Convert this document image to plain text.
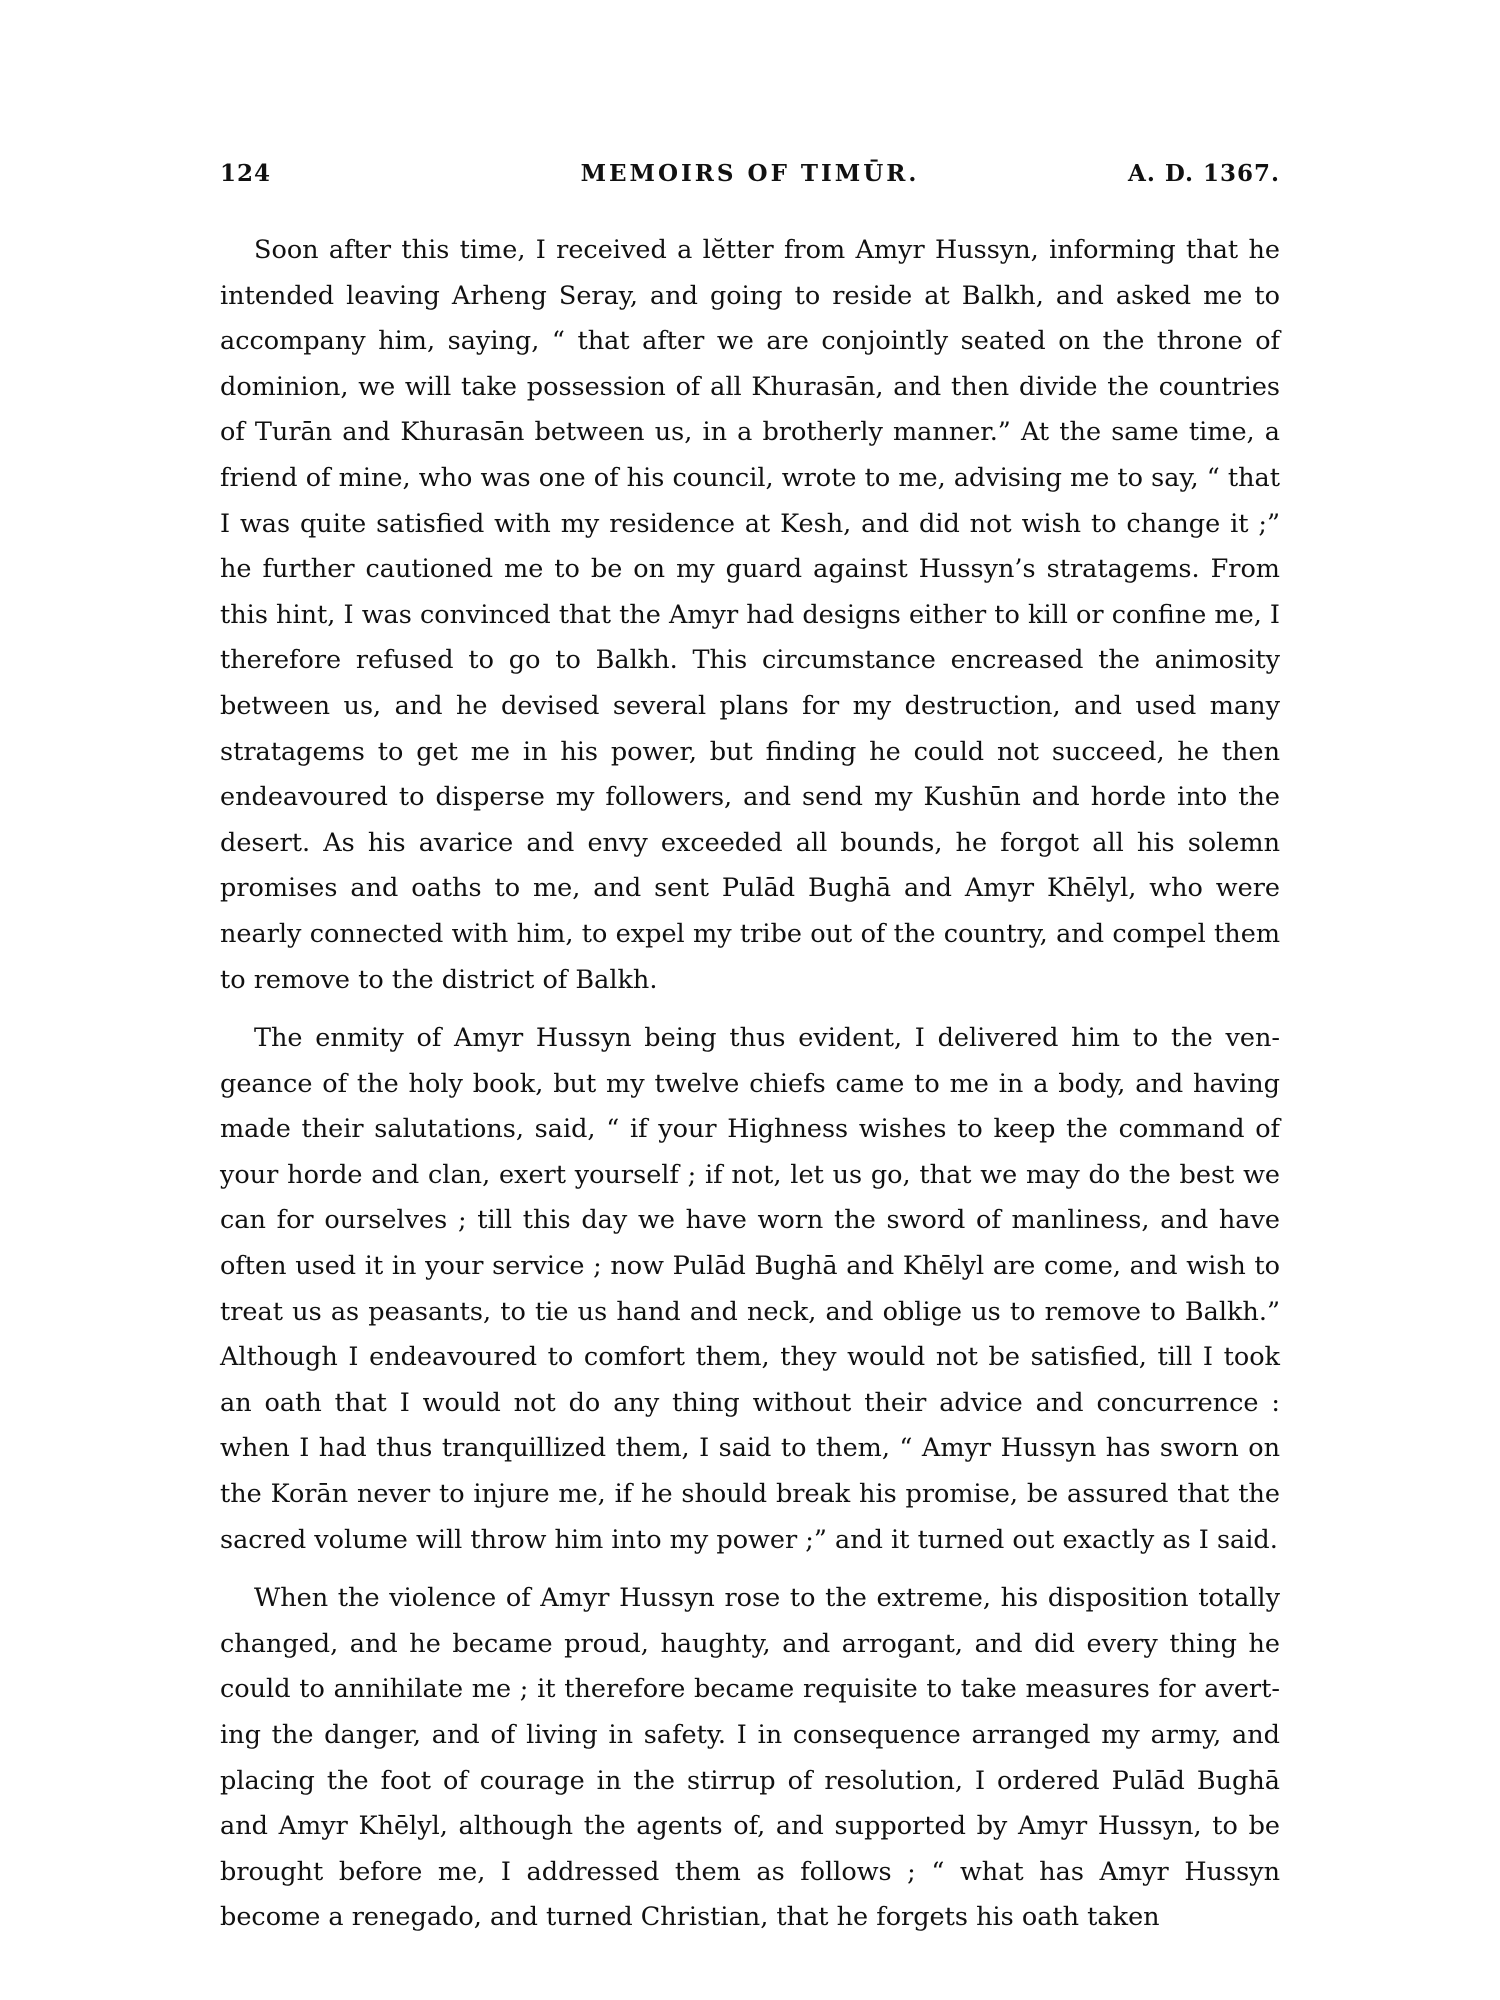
124	MEMOIRS OF TIMŪR.	A. D. 1367.

Soon after this time, I received a lĕtter from Amyr Hussyn, informing that he intended leaving Arheng Seray, and going to reside at Balkh, and asked me to accompany him, saying, “ that after we are conjointly seated on the throne of dominion, we will take possession of all Khurasān, and then divide the countries of Turān and Khurasān between us, in a brotherly manner.” At the same time, a friend of mine, who was one of his council, wrote to me, advising me to say, “ that I was quite satisfied with my residence at Kesh, and did not wish to change it ;” he further cautioned me to be on my guard against Hussyn’s stratagems. From this hint, I was convinced that the Amyr had designs either to kill or confine me, I therefore refused to go to Balkh. This circumstance encreased the animosity between us, and he devised several plans for my destruction, and used many stratagems to get me in his power, but finding he could not succeed, he then endeavoured to disperse my followers, and send my Kushūn and horde into the desert. As his avarice and envy exceeded all bounds, he forgot all his solemn promises and oaths to me, and sent Pulād Bughā and Amyr Khēlyl, who were nearly connected with him, to expel my tribe out of the country, and compel them to remove to the district of Balkh.

The enmity of Amyr Hussyn being thus evident, I delivered him to the vengeance of the holy book, but my twelve chiefs came to me in a body, and having made their salutations, said, “ if your Highness wishes to keep the command of your horde and clan, exert yourself ; if not, let us go, that we may do the best we can for ourselves ; till this day we have worn the sword of manliness, and have often used it in your service ; now Pulād Bughā and Khēlyl are come, and wish to treat us as peasants, to tie us hand and neck, and oblige us to remove to Balkh.” Although I endeavoured to comfort them, they would not be satisfied, till I took an oath that I would not do any thing without their advice and concurrence : when I had thus tranquillized them, I said to them, “ Amyr Hussyn has sworn on the Korān never to injure me, if he should break his promise, be assured that the sacred volume will throw him into my power ;” and it turned out exactly as I said.

When the violence of Amyr Hussyn rose to the extreme, his disposition totally changed, and he became proud, haughty, and arrogant, and did every thing he could to annihilate me ; it therefore became requisite to take measures for averting the danger, and of living in safety. I in consequence arranged my army, and placing the foot of courage in the stirrup of resolution, I ordered Pulād Bughā and Amyr Khēlyl, although the agents of, and supported by Amyr Hussyn, to be brought before me, I addressed them as follows ; “ what has Amyr Hussyn become a renegado, and turned Christian, that he forgets his oath taken
